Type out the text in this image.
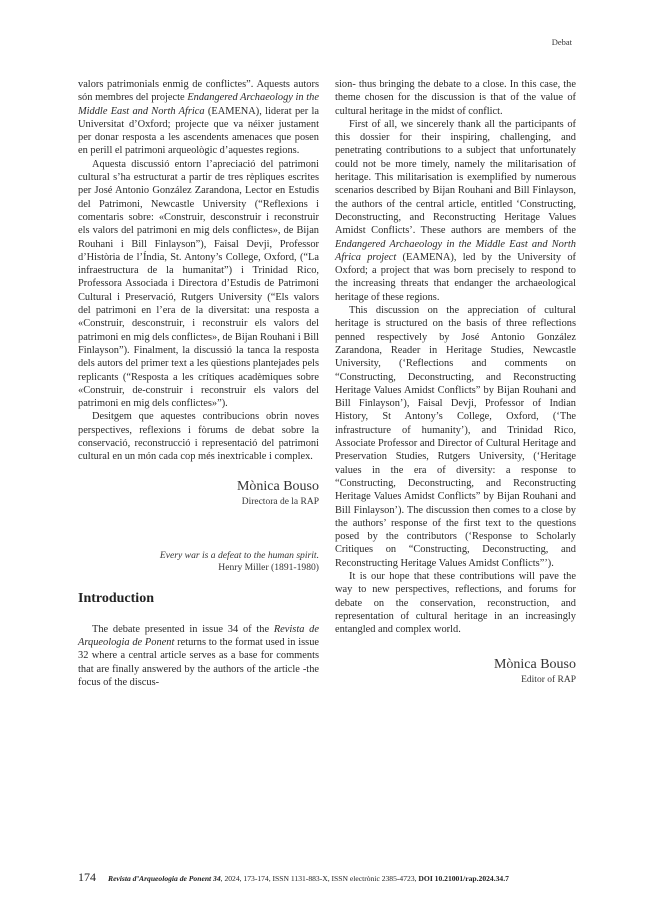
Debat

valors patrimonials enmig de conflictes”. Aquests autors són membres del projecte Endangered Archaeology in the Middle East and North Africa (EAMENA), liderat per la Universitat d’Oxford; projecte que va néixer justament per donar resposta a les ascendents amenaces que posen en perill el patrimoni arqueològic d’aquestes regions.

Aquesta discussió entorn l’apreciació del patrimoni cultural s’ha estructurat a partir de tres rèpliques escrites per José Antonio González Zarandona, Lector en Estudis del Patrimoni, Newcastle University (“Reflexions i comentaris sobre: «Construir, desconstruir i reconstruir els valors del patrimoni en mig dels conflictes», de Bijan Rouhani i Bill Finlayson”), Faisal Devji, Professor d’Història de l’Índia, St. Antony’s College, Oxford, (“La infraestructura de la humanitat”) i Trinidad Rico, Professora Associada i Directora d’Estudis de Patrimoni Cultural i Preservació, Rutgers University (“Els valors del patrimoni en l’era de la diversitat: una resposta a «Construir, desconstruir, i reconstruir els valors del patrimoni en mig dels conflictes», de Bijan Rouhani i Bill Finlayson”). Finalment, la discussió la tanca la resposta dels autors del primer text a les qüestions plantejades pels replicants (“Resposta a les crítiques acadèmiques sobre «Construir, de-construir i reconstruir els valors del patrimoni en mig dels conflictes»”).

Desitgem que aquestes contribucions obrin noves perspectives, reflexions i fòrums de debat sobre la conservació, reconstrucció i representació del patrimoni cultural en un món cada cop més inextricable i complex.

Mònica Bouso
Directora de la RAP
Every war is a defeat to the human spirit.
Henry Miller (1891-1980)
Introduction

The debate presented in issue 34 of the Revista de Arqueologia de Ponent returns to the format used in issue 32 where a central article serves as a base for comments that are finally answered by the authors of the article -the focus of the discus-

sion- thus bringing the debate to a close. In this case, the theme chosen for the discussion is that of the value of cultural heritage in the midst of conflict.

First of all, we sincerely thank all the participants of this dossier for their inspiring, challenging, and penetrating contributions to a subject that unfortunately could not be more timely, namely the militarisation of heritage. This militarisation is exemplified by numerous scenarios described by Bijan Rouhani and Bill Finlayson, the authors of the central article, entitled ‘Constructing, Deconstructing, and Reconstructing Heritage Values Amidst Conflicts’. These authors are members of the Endangered Archaeology in the Middle East and North Africa project (EAMENA), led by the University of Oxford; a project that was born precisely to respond to the increasing threats that endanger the archaeological heritage of these regions.

This discussion on the appreciation of cultural heritage is structured on the basis of three reflections penned respectively by José Antonio González Zarandona, Reader in Heritage Studies, Newcastle University, (‘Reflections and comments on “Constructing, Deconstructing, and Reconstructing Heritage Values Amidst Conflicts” by Bijan Rouhani and Bill Finlayson’), Faisal Devji, Professor of Indian History, St Antony’s College, Oxford, (‘The infrastructure of humanity’), and Trinidad Rico, Associate Professor and Director of Cultural Heritage and Preservation Studies, Rutgers University, (‘Heritage values in the era of diversity: a response to “Constructing, Deconstructing, and Reconstructing Heritage Values Amidst Conflicts” by Bijan Rouhani and Bill Finlayson’). The discussion then comes to a close by the authors’ response of the first text to the questions posed by the contributors (‘Response to Scholarly Critiques on “Constructing, Deconstructing, and Reconstructing Heritage Values Amidst Conflicts”’).

It is our hope that these contributions will pave the way to new perspectives, reflections, and forums for debate on the conservation, reconstruction, and representation of cultural heritage in an increasingly entangled and complex world.

Mònica Bouso
Editor of RAP
174 Revista d’Arqueologia de Ponent 34, 2024, 173-174, ISSN 1131-883-X, ISSN electrònic 2385-4723, DOI 10.21001/rap.2024.34.7
